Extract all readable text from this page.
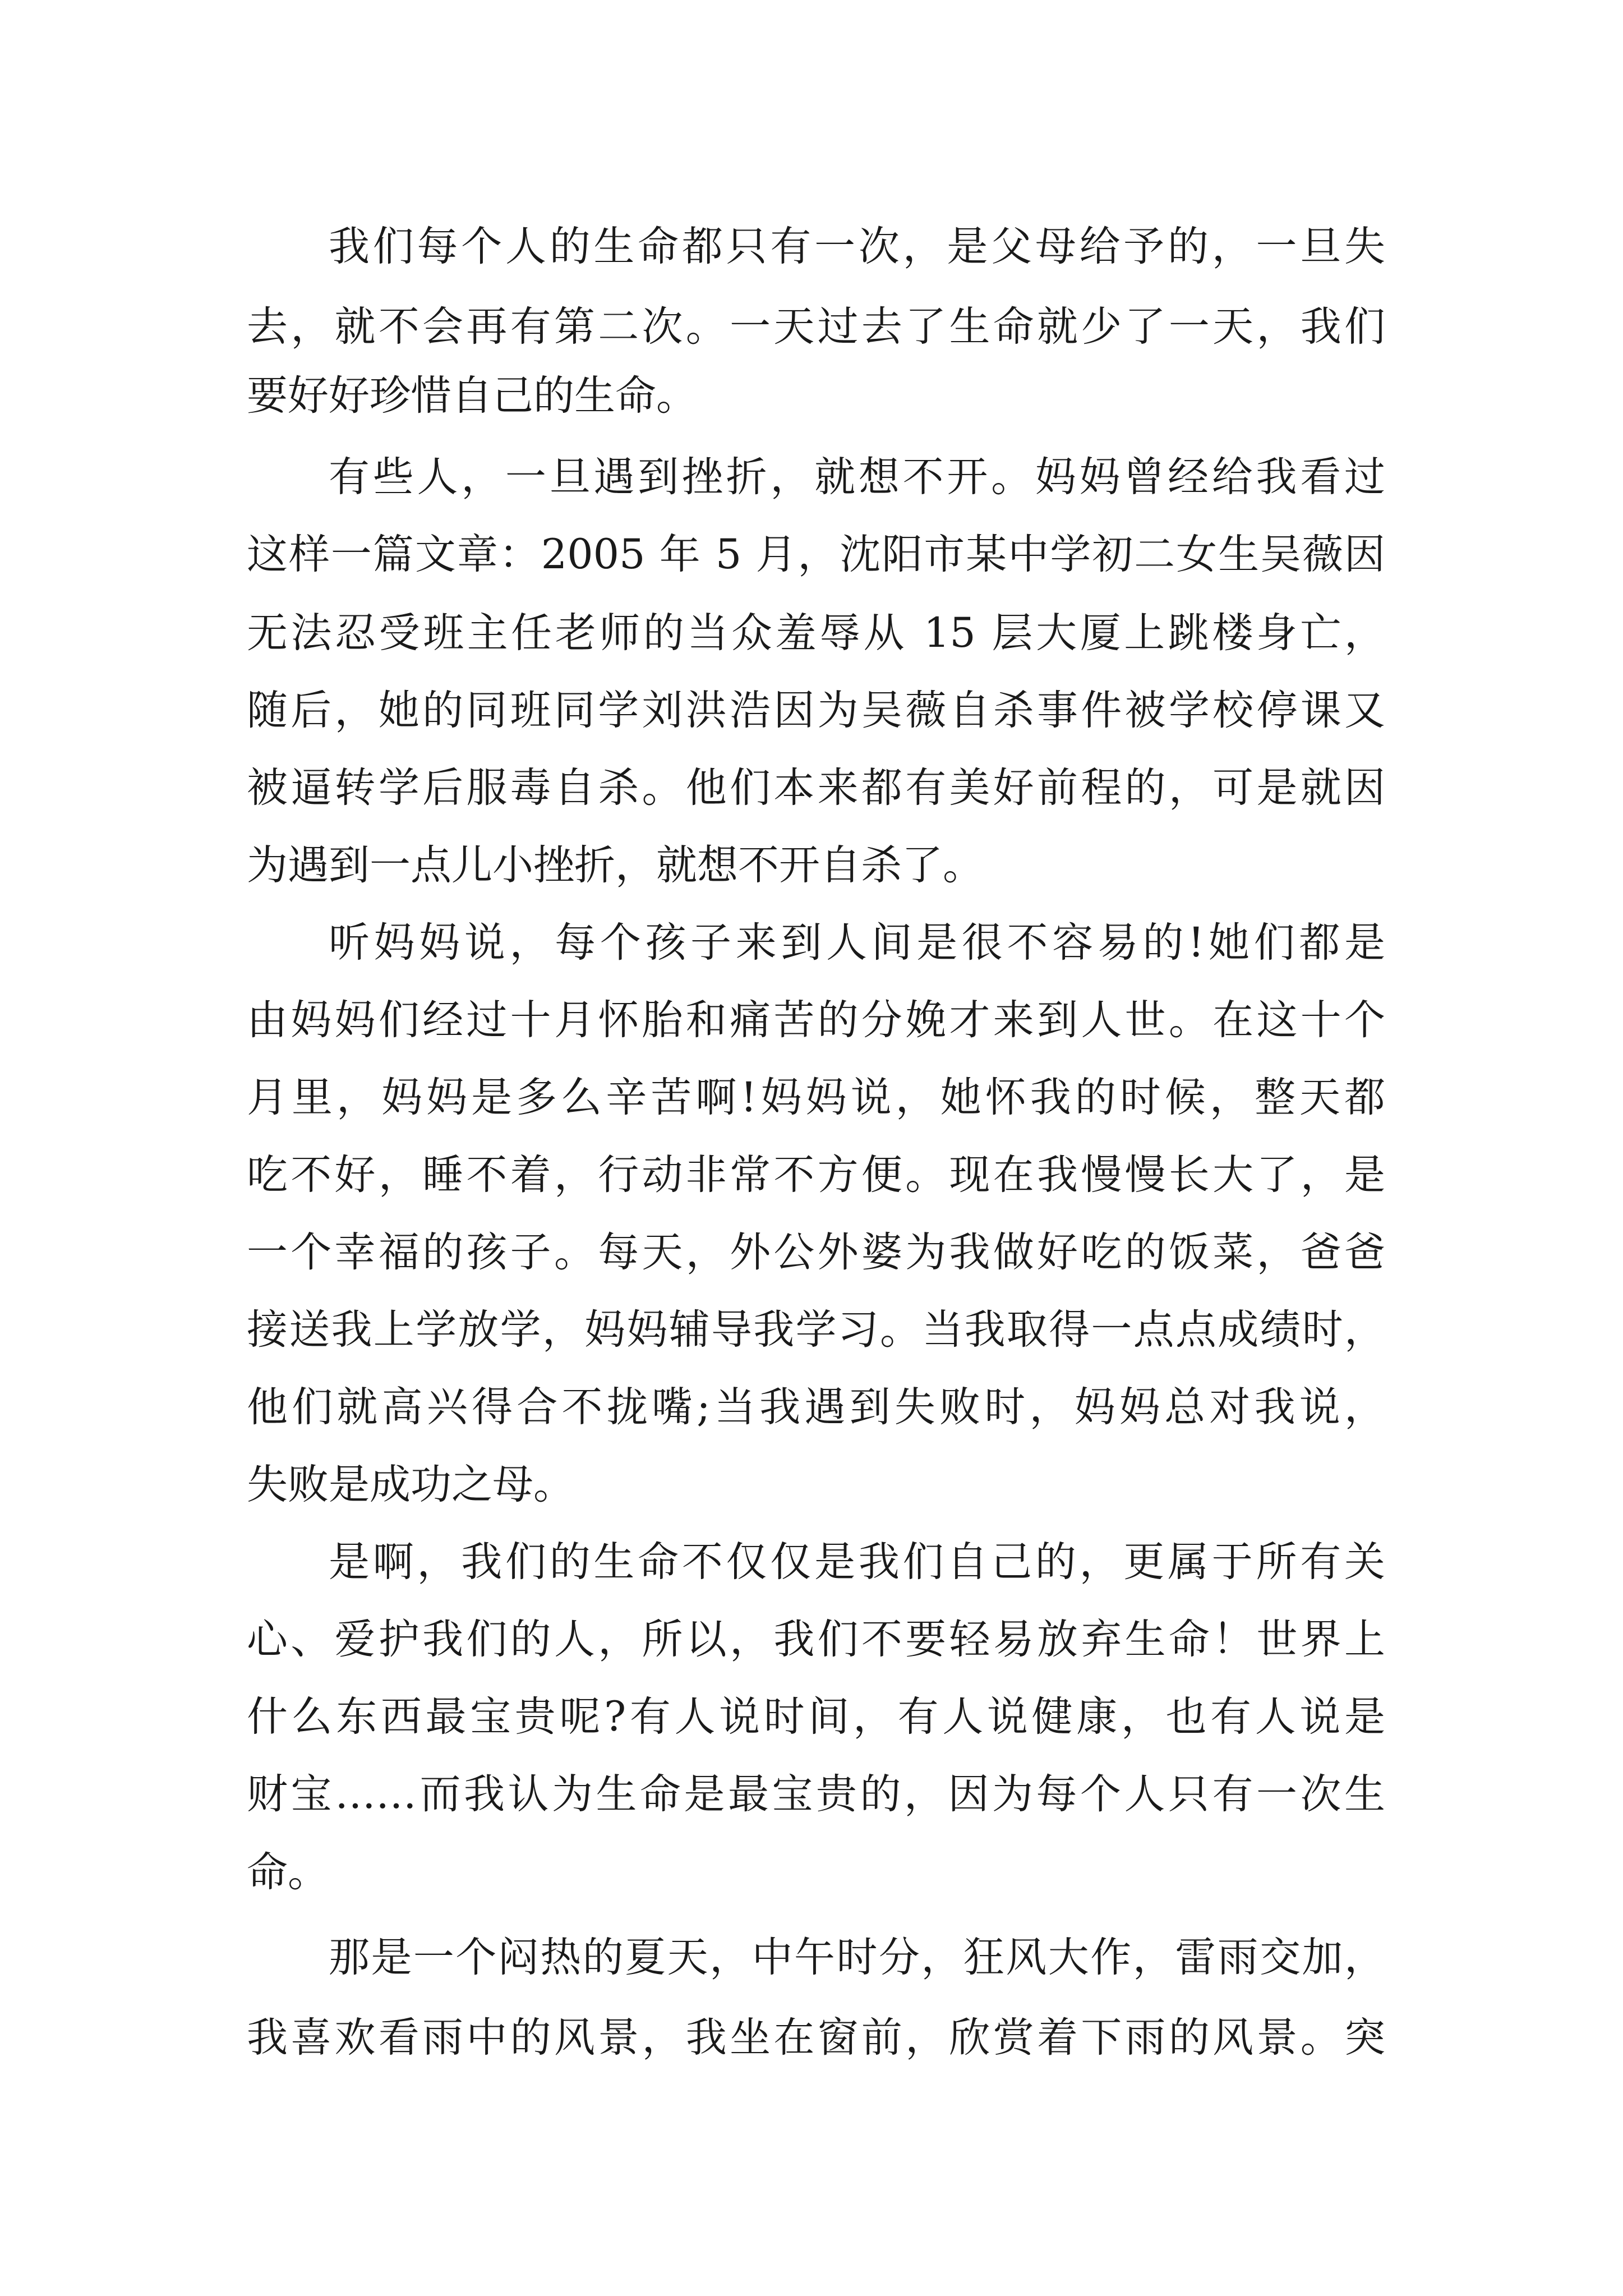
我们每个人的生命都只有一次，是父母给予的，一旦失
去，就不会再有第二次。一天过去了生命就少了一天，我们
要好好珍惜自己的生命。
有些人，一旦遇到挫折，就想不开。妈妈曾经给我看过
这样一篇文章：2005 年 5 月，沈阳市某中学初二女生吴薇因
无法忍受班主任老师的当众羞辱从 15 层大厦上跳楼身亡，
随后，她的同班同学刘洪浩因为吴薇自杀事件被学校停课又
被逼转学后服毒自杀。他们本来都有美好前程的，可是就因
为遇到一点儿小挫折，就想不开自杀了。
听妈妈说，每个孩子来到人间是很不容易的!她们都是
由妈妈们经过十月怀胎和痛苦的分娩才来到人世。在这十个
月里，妈妈是多么辛苦啊!妈妈说，她怀我的时候，整天都
吃不好，睡不着，行动非常不方便。现在我慢慢长大了，是
一个幸福的孩子。每天，外公外婆为我做好吃的饭菜，爸爸
接送我上学放学，妈妈辅导我学习。当我取得一点点成绩时，
他们就高兴得合不拢嘴;当我遇到失败时，妈妈总对我说，
失败是成功之母。
是啊，我们的生命不仅仅是我们自己的，更属于所有关
心、爱护我们的人，所以，我们不要轻易放弃生命！世界上
什么东西最宝贵呢?有人说时间，有人说健康，也有人说是
财宝……而我认为生命是最宝贵的，因为每个人只有一次生
命。
那是一个闷热的夏天，中午时分，狂风大作，雷雨交加，
我喜欢看雨中的风景，我坐在窗前，欣赏着下雨的风景。突
